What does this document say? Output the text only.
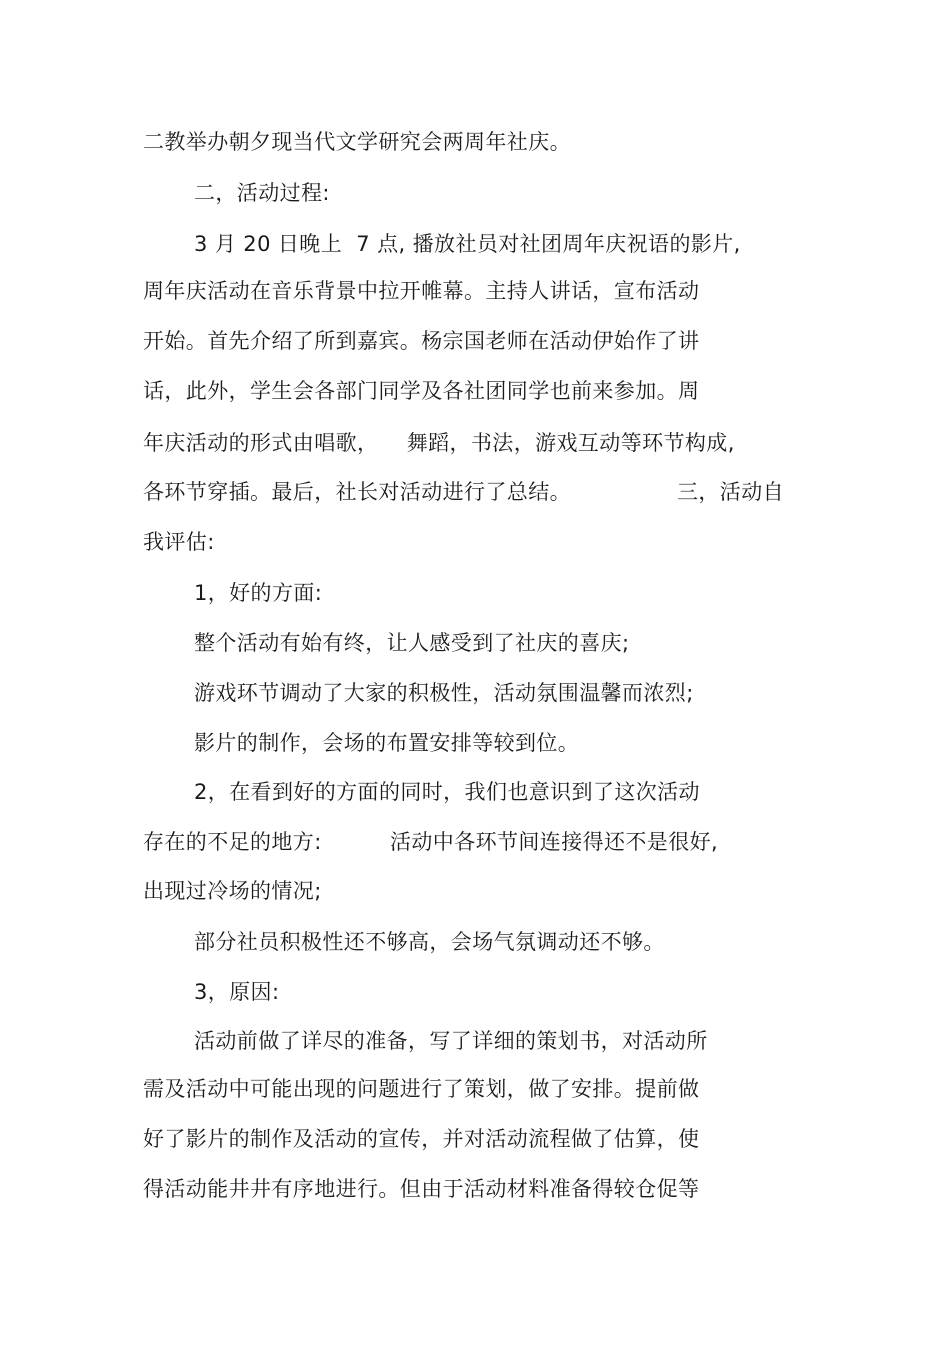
二教举办朝夕现当代文学研究会两周年社庆。
二，活动过程:
3 月 20 日晚上  7 点, 播放社员对社团周年庆祝语的影片,
周年庆活动在音乐背景中拉开帷幕。主持人讲话，宣布活动
开始。首先介绍了所到嘉宾。杨宗国老师在活动伊始作了讲
话，此外，学生会各部门同学及各社团同学也前来参加。周
年庆活动的形式由唱歌，    舞蹈，书法，游戏互动等环节构成,
各环节穿插。最后，社长对活动进行了总结。	三，活动自
我评估:
1，好的方面:
整个活动有始有终，让人感受到了社庆的喜庆;
游戏环节调动了大家的积极性，活动氛围温馨而浓烈;
影片的制作，会场的布置安排等较到位。
2，在看到好的方面的同时，我们也意识到了这次活动
存在的不足的地方:	活动中各环节间连接得还不是很好,
出现过冷场的情况;
部分社员积极性还不够高，会场气氛调动还不够。
3，原因:
活动前做了详尽的准备，写了详细的策划书，对活动所
需及活动中可能出现的问题进行了策划，做了安排。提前做
好了影片的制作及活动的宣传，并对活动流程做了估算，使
得活动能井井有序地进行。但由于活动材料准备得较仓促等
